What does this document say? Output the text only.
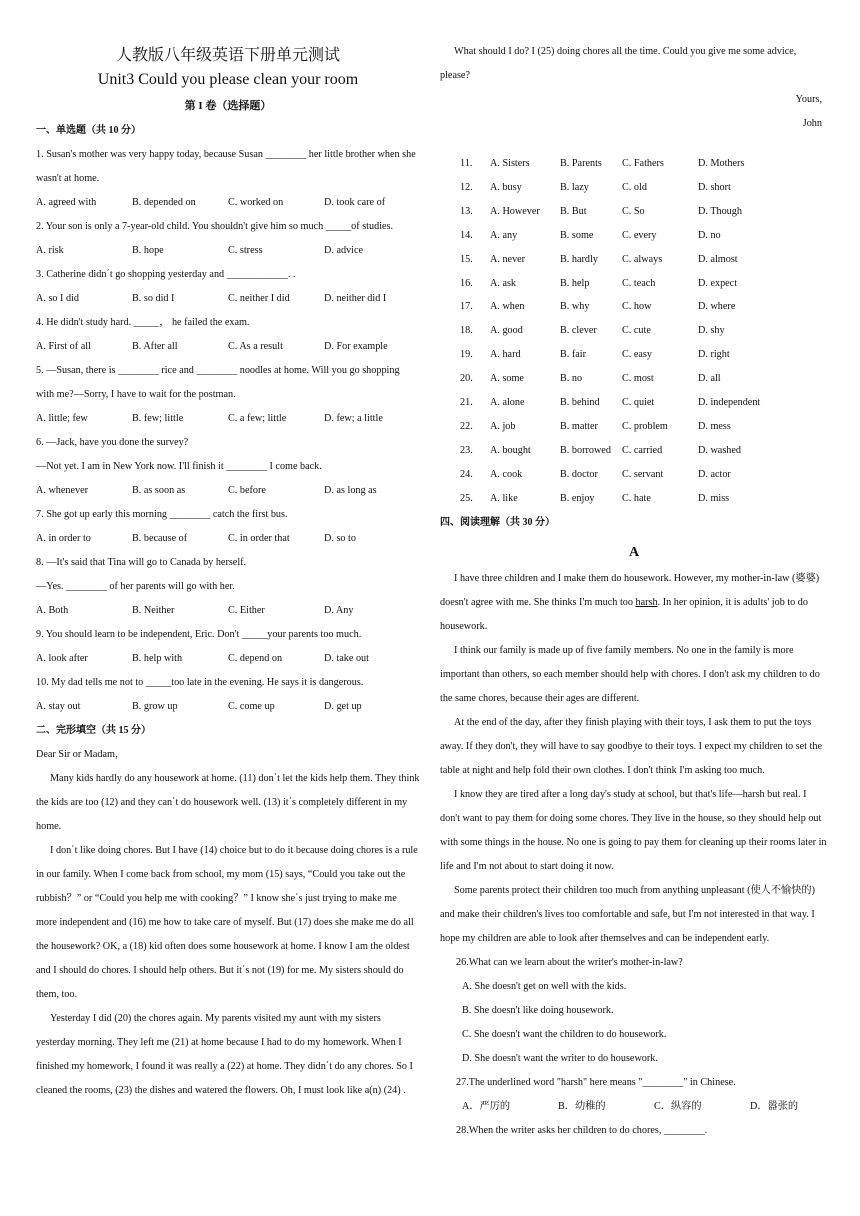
人教版八年级英语下册单元测试
Unit3 Could you please clean your room
第 I 卷（选择题）
一、单选题（共 10 分）

1. Susan's mother was very happy today, because Susan ________ her little brother when she wasn't at home.

A. agreed with	B. depended on	C. worked on	D. took care of

2. Your son is only a 7-year-old child. You shouldn't give him so much _____of studies.

A. risk	B. hope	C. stress	D. advice

3. Catherine didn΄t go shopping yesterday and ____________. .

A. so I did	B. so did I	C. neither I did	D. neither did I

4. He didn't study hard. _____， he failed the exam.

A. First of all	B. After all	C. As a result	D. For example

5. —Susan, there is ________ rice and ________ noodles at home. Will you go shopping with me?—Sorry, I have to wait for the postman.

A. little; few	B. few; little	C. a few; little	D. few; a little

6. —Jack, have you done the survey?

—Not yet. I am in New York now. I'll finish it ________ I come back.

A. whenever	B. as soon as	C. before	D. as long as

7. She got up early this morning ________ catch the first bus.

A. in order to	B. because of	C. in order that	D. so to

8. —It's said that Tina will go to Canada by herself.

—Yes. ________ of her parents will go with her.

A. Both	B. Neither	C. Either	D. Any

9. You should learn to be independent, Eric. Don't _____your parents too much.

A. look after	B. help with	C. depend on	D. take out

10. My dad tells me not to _____too late in the evening. He says it is dangerous.

A. stay out	B. grow up	C. come up	D. get up
二、完形填空（共 15 分）

Dear Sir or Madam，

Many kids hardly do any housework at home. (11) don΄t let the kids help them. They think the kids are too (12) and they can΄t do housework well. (13) it΄s completely different in my home.

I don΄t like doing chores. But I have (14) choice but to do it because doing chores is a rule in our family. When I come back from school, my mom (15) says, “Could you take out the rubbish？” or “Could you help me with cooking？” I know she΄s just trying to make me more independent and (16) me how to take care of myself. But (17) does she make me do all the housework? OK, a (18) kid often does some housework at home. I know I am the oldest and I should do chores. I should help others. But it΄s not (19) for me. My sisters should do them, too.

Yesterday I did (20) the chores again. My parents visited my aunt with my sisters yesterday morning. They left me (21) at home because I had to do my homework. When I finished my homework, I found it was really a (22) at home. They didn΄t do any chores. So I cleaned the rooms, (23) the dishes and watered the flowers. Oh, I must look like a(n) (24) .

What should I do? I (25) doing chores all the time. Could you give me some advice, please?

Yours,
John
11.	A. Sisters	B. Parents	C. Fathers	D. Mothers
12.	A. busy	B. lazy	C. old	D. short
13.	A. However	B. But	C. So	D. Though
14.	A. any	B. some	C. every	D. no
15.	A. never	B. hardly	C. always	D. almost
16.	A. ask	B. help	C. teach	D. expect
17.	A. when	B. why	C. how	D. where
18.	A. good	B. clever	C. cute	D. shy
19.	A. hard	B. fair	C. easy	D. right
20.	A. some	B. no	C. most	D. all
21.	A. alone	B. behind	C. quiet	D. independent
22.	A. job	B. matter	C. problem	D. mess
23.	A. bought	B. borrowed	C. carried	D. washed
24.	A. cook	B. doctor	C. servant	D. actor
25.	A. like	B. enjoy	C. hate	D. miss
四、阅读理解（共 30 分）
A

I have three children and I make them do housework. However, my mother-in-law (婆婆) doesn't agree with me. She thinks I'm much too harsh. In her opinion, it is adults' job to do housework.

I think our family is made up of five family members. No one in the family is more important than others, so each member should help with chores. I don't ask my children to do the same chores, because their ages are different.

At the end of the day, after they finish playing with their toys, I ask them to put the toys away. If they don't, they will have to say goodbye to their toys. I expect my children to set the table at night and help fold their own clothes. I don't think I'm asking too much.

I know they are tired after a long day's study at school, but that's life—harsh but real. I don't want to pay them for doing some chores. They live in the house, so they should help out with some things in the house. No one is going to pay them for cleaning up their rooms later in life and I'm not about to start doing it now.

Some parents protect their children too much from anything unpleasant (使人不愉快的) and make their children's lives too comfortable and safe, but I'm not interested in that way. I hope my children are able to look after themselves and can be independent early.

26.What can we learn about the writer's mother-in-law?
A. She doesn't get on well with the kids.
B. She doesn't like doing housework.
C. She doesn't want the children to do housework.
D. She doesn't want the writer to do housework.
27.The underlined word "harsh" here means "________" in Chinese.
A．严厉的	B．幼稚的	C．纵容的	D．嚣张的
28.When the writer asks her children to do chores, ________.
